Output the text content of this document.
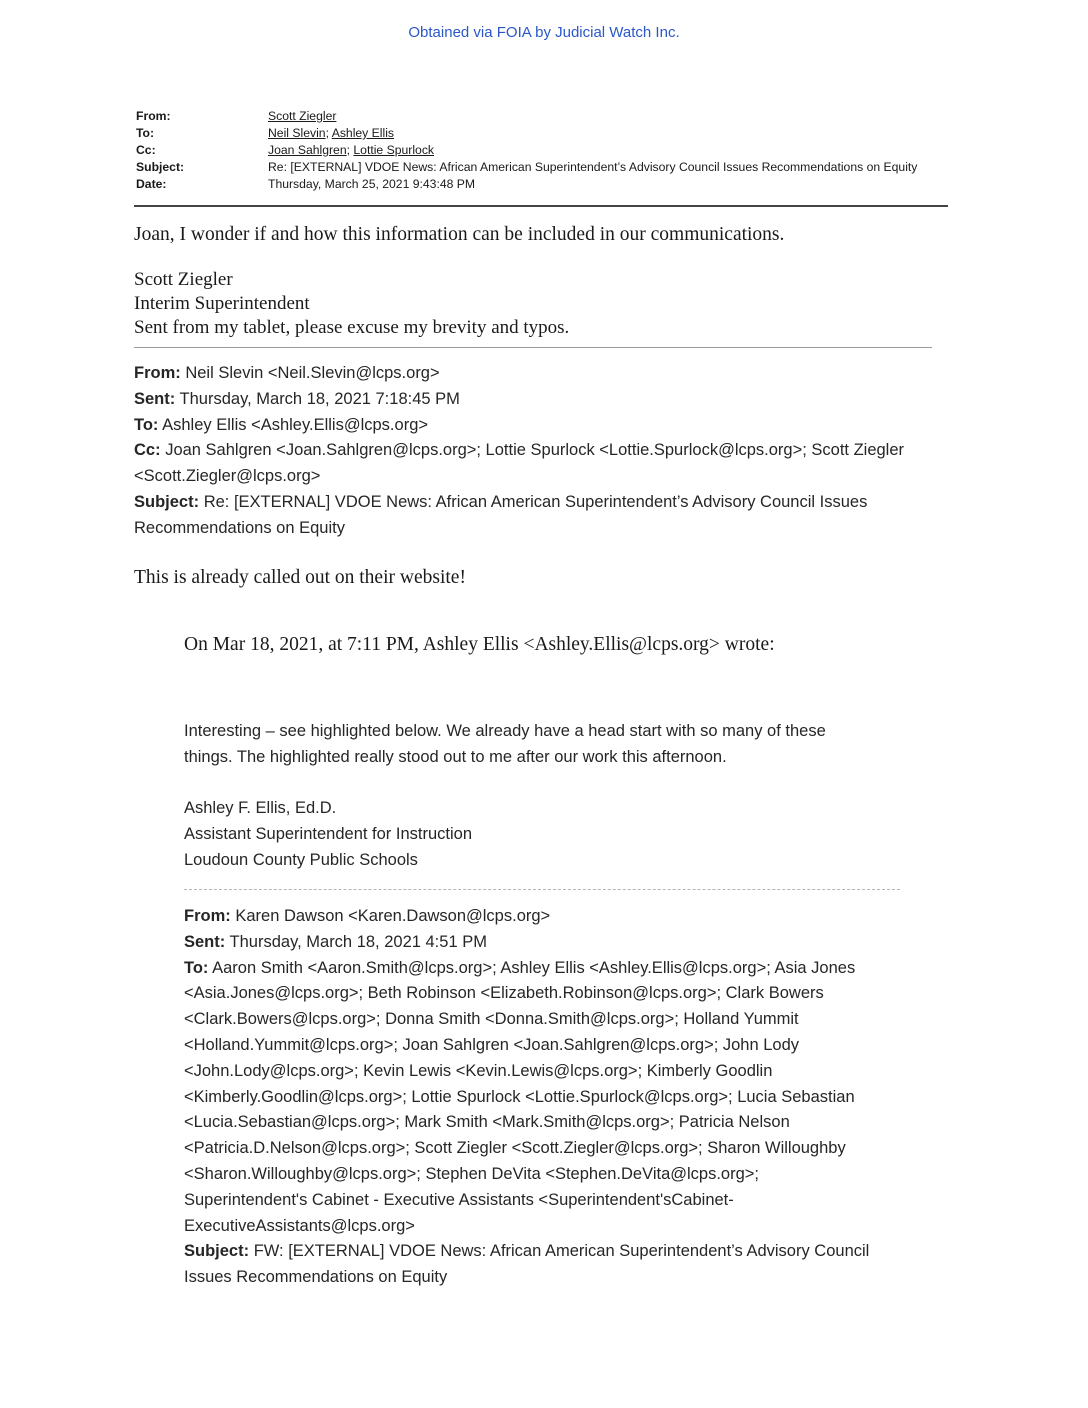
Obtained via FOIA by Judicial Watch Inc.
From:	Scott Ziegler
To:	Neil Slevin; Ashley Ellis
Cc:	Joan Sahlgren; Lottie Spurlock
Subject:	Re: [EXTERNAL] VDOE News: African American Superintendent’s Advisory Council Issues Recommendations on Equity
Date:	Thursday, March 25, 2021 9:43:48 PM

Joan, I wonder if and how this information can be included in our communications.

Scott Ziegler
Interim Superintendent
Sent from my tablet, please excuse my brevity and typos.
From: Neil Slevin <Neil.Slevin@lcps.org>
Sent: Thursday, March 18, 2021 7:18:45 PM
To: Ashley Ellis <Ashley.Ellis@lcps.org>
Cc: Joan Sahlgren <Joan.Sahlgren@lcps.org>; Lottie Spurlock <Lottie.Spurlock@lcps.org>; Scott Ziegler
<Scott.Ziegler@lcps.org>
Subject: Re: [EXTERNAL] VDOE News: African American Superintendent’s Advisory Council Issues
Recommendations on Equity

This is already called out on their website!

On Mar 18, 2021, at 7:11 PM, Ashley Ellis <Ashley.Ellis@lcps.org> wrote:

Interesting – see highlighted below. We already have a head start with so many of these
things. The highlighted really stood out to me after our work this afternoon.
Ashley F. Ellis, Ed.D.
Assistant Superintendent for Instruction
Loudoun County Public Schools
From: Karen Dawson <Karen.Dawson@lcps.org>
Sent: Thursday, March 18, 2021 4:51 PM
To: Aaron Smith <Aaron.Smith@lcps.org>; Ashley Ellis <Ashley.Ellis@lcps.org>; Asia Jones
<Asia.Jones@lcps.org>; Beth Robinson <Elizabeth.Robinson@lcps.org>; Clark Bowers
<Clark.Bowers@lcps.org>; Donna Smith <Donna.Smith@lcps.org>; Holland Yummit
<Holland.Yummit@lcps.org>; Joan Sahlgren <Joan.Sahlgren@lcps.org>; John Lody
<John.Lody@lcps.org>; Kevin Lewis <Kevin.Lewis@lcps.org>; Kimberly Goodlin
<Kimberly.Goodlin@lcps.org>; Lottie Spurlock <Lottie.Spurlock@lcps.org>; Lucia Sebastian
<Lucia.Sebastian@lcps.org>; Mark Smith <Mark.Smith@lcps.org>; Patricia Nelson
<Patricia.D.Nelson@lcps.org>; Scott Ziegler <Scott.Ziegler@lcps.org>; Sharon Willoughby
<Sharon.Willoughby@lcps.org>; Stephen DeVita <Stephen.DeVita@lcps.org>;
Superintendent's Cabinet - Executive Assistants <Superintendent'sCabinet-
ExecutiveAssistants@lcps.org>
Subject: FW: [EXTERNAL] VDOE News: African American Superintendent’s Advisory Council
Issues Recommendations on Equity
